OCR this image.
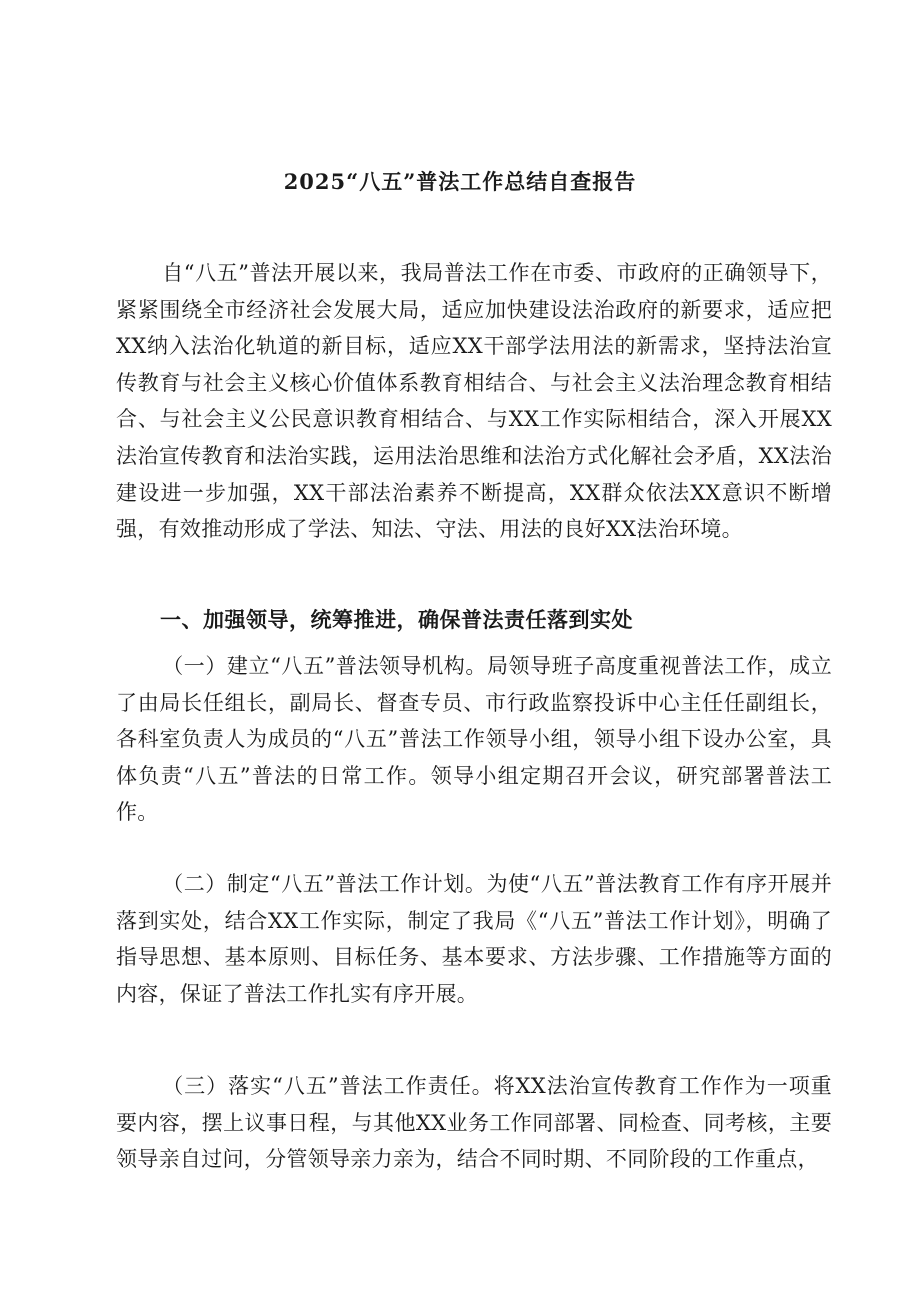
2025“八五”普法工作总结自查报告

自“八五”普法开展以来，我局普法工作在市委、市政府的正确领导下，紧紧围绕全市经济社会发展大局，适应加快建设法治政府的新要求，适应把XX纳入法治化轨道的新目标，适应XX干部学法用法的新需求，坚持法治宣传教育与社会主义核心价值体系教育相结合、与社会主义法治理念教育相结合、与社会主义公民意识教育相结合、与XX工作实际相结合，深入开展XX法治宣传教育和法治实践，运用法治思维和法治方式化解社会矛盾，XX法治建设进一步加强，XX干部法治素养不断提高，XX群众依法XX意识不断增强，有效推动形成了学法、知法、守法、用法的良好XX法治环境。

一、加强领导，统筹推进，确保普法责任落到实处

（一）建立“八五”普法领导机构。局领导班子高度重视普法工作，成立了由局长任组长，副局长、督查专员、市行政监察投诉中心主任任副组长，各科室负责人为成员的“八五”普法工作领导小组，领导小组下设办公室，具体负责“八五”普法的日常工作。领导小组定期召开会议，研究部署普法工作。

（二）制定“八五”普法工作计划。为使“八五”普法教育工作有序开展并落到实处，结合XX工作实际，制定了我局《“八五”普法工作计划》，明确了指导思想、基本原则、目标任务、基本要求、方法步骤、工作措施等方面的内容，保证了普法工作扎实有序开展。

（三）落实“八五”普法工作责任。将XX法治宣传教育工作作为一项重要内容，摆上议事日程，与其他XX业务工作同部署、同检查、同考核，主要领导亲自过问，分管领导亲力亲为，结合不同时期、不同阶段的工作重点，
